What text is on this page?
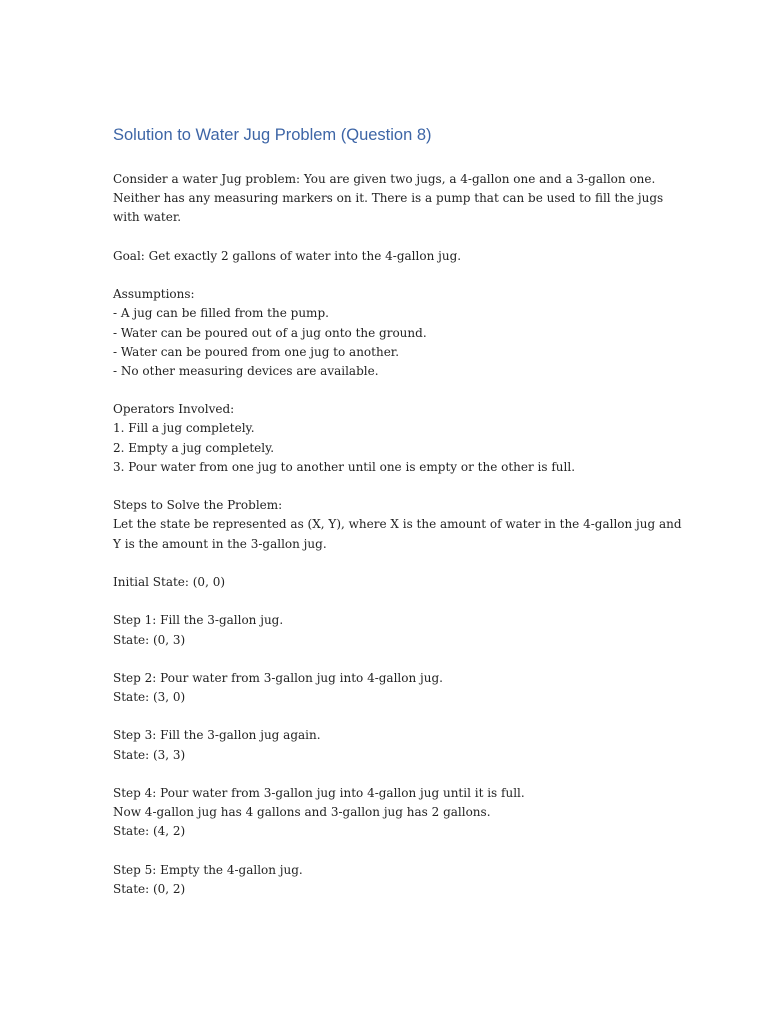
Solution to Water Jug Problem (Question 8)
Consider a water Jug problem: You are given two jugs, a 4-gallon one and a 3-gallon one.
Neither has any measuring markers on it. There is a pump that can be used to fill the jugs
with water.
Goal: Get exactly 2 gallons of water into the 4-gallon jug.
Assumptions:
- A jug can be filled from the pump.
- Water can be poured out of a jug onto the ground.
- Water can be poured from one jug to another.
- No other measuring devices are available.
Operators Involved:
1. Fill a jug completely.
2. Empty a jug completely.
3. Pour water from one jug to another until one is empty or the other is full.
Steps to Solve the Problem:
Let the state be represented as (X, Y), where X is the amount of water in the 4-gallon jug and
Y is the amount in the 3-gallon jug.
Initial State: (0, 0)
Step 1: Fill the 3-gallon jug.
State: (0, 3)
Step 2: Pour water from 3-gallon jug into 4-gallon jug.
State: (3, 0)
Step 3: Fill the 3-gallon jug again.
State: (3, 3)
Step 4: Pour water from 3-gallon jug into 4-gallon jug until it is full.
Now 4-gallon jug has 4 gallons and 3-gallon jug has 2 gallons.
State: (4, 2)
Step 5: Empty the 4-gallon jug.
State: (0, 2)
